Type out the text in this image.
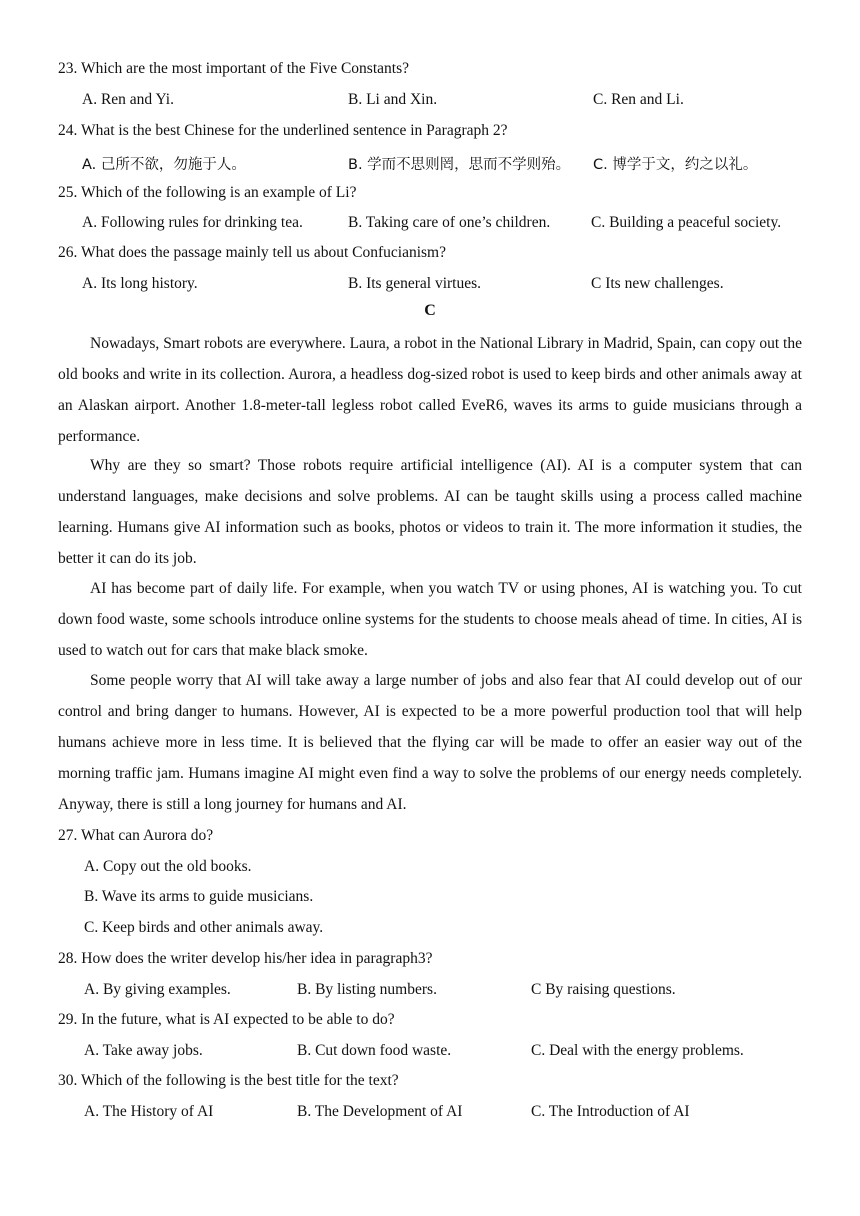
23. Which are the most important of the Five Constants?
A. Ren and Yi.	B. Li and Xin.	C. Ren and Li.
24. What is the best Chinese for the underlined sentence in Paragraph 2?
A. 己所不欲，勿施于人。	B. 学而不思则罔，思而不学则殆。 C. 博学于文，约之以礼。
25. Which of the following is an example of Li?
A. Following rules for drinking tea.	B. Taking care of one’s children.	C. Building a peaceful society.
26. What does the passage mainly tell us about Confucianism?
A. Its long history.	B. Its general virtues.	C Its new challenges.
C
Nowadays, Smart robots are everywhere. Laura, a robot in the National Library in Madrid, Spain, can copy out the old books and write in its collection. Aurora, a headless dog-sized robot is used to keep birds and other animals away at an Alaskan airport. Another 1.8-meter-tall legless robot called EveR6, waves its arms to guide musicians through a performance.
Why are they so smart? Those robots require artificial intelligence (AI). AI is a computer system that can understand languages, make decisions and solve problems. AI can be taught skills using a process called machine learning. Humans give AI information such as books, photos or videos to train it. The more information it studies, the better it can do its job.
AI has become part of daily life. For example, when you watch TV or using phones, AI is watching you. To cut down food waste, some schools introduce online systems for the students to choose meals ahead of time. In cities, AI is used to watch out for cars that make black smoke.
Some people worry that AI will take away a large number of jobs and also fear that AI could develop out of our control and bring danger to humans. However, AI is expected to be a more powerful production tool that will help humans achieve more in less time. It is believed that the flying car will be made to offer an easier way out of the morning traffic jam. Humans imagine AI might even find a way to solve the problems of our energy needs completely. Anyway, there is still a long journey for humans and AI.
27. What can Aurora do?
A. Copy out the old books.
B. Wave its arms to guide musicians.
C. Keep birds and other animals away.
28. How does the writer develop his/her idea in paragraph3?
A. By giving examples.	B. By listing numbers.	C By raising questions.
29. In the future, what is AI expected to be able to do?
A. Take away jobs.	B. Cut down food waste.	C. Deal with the energy problems.
30. Which of the following is the best title for the text?
A. The History of AI	B. The Development of AI	C. The Introduction of AI
